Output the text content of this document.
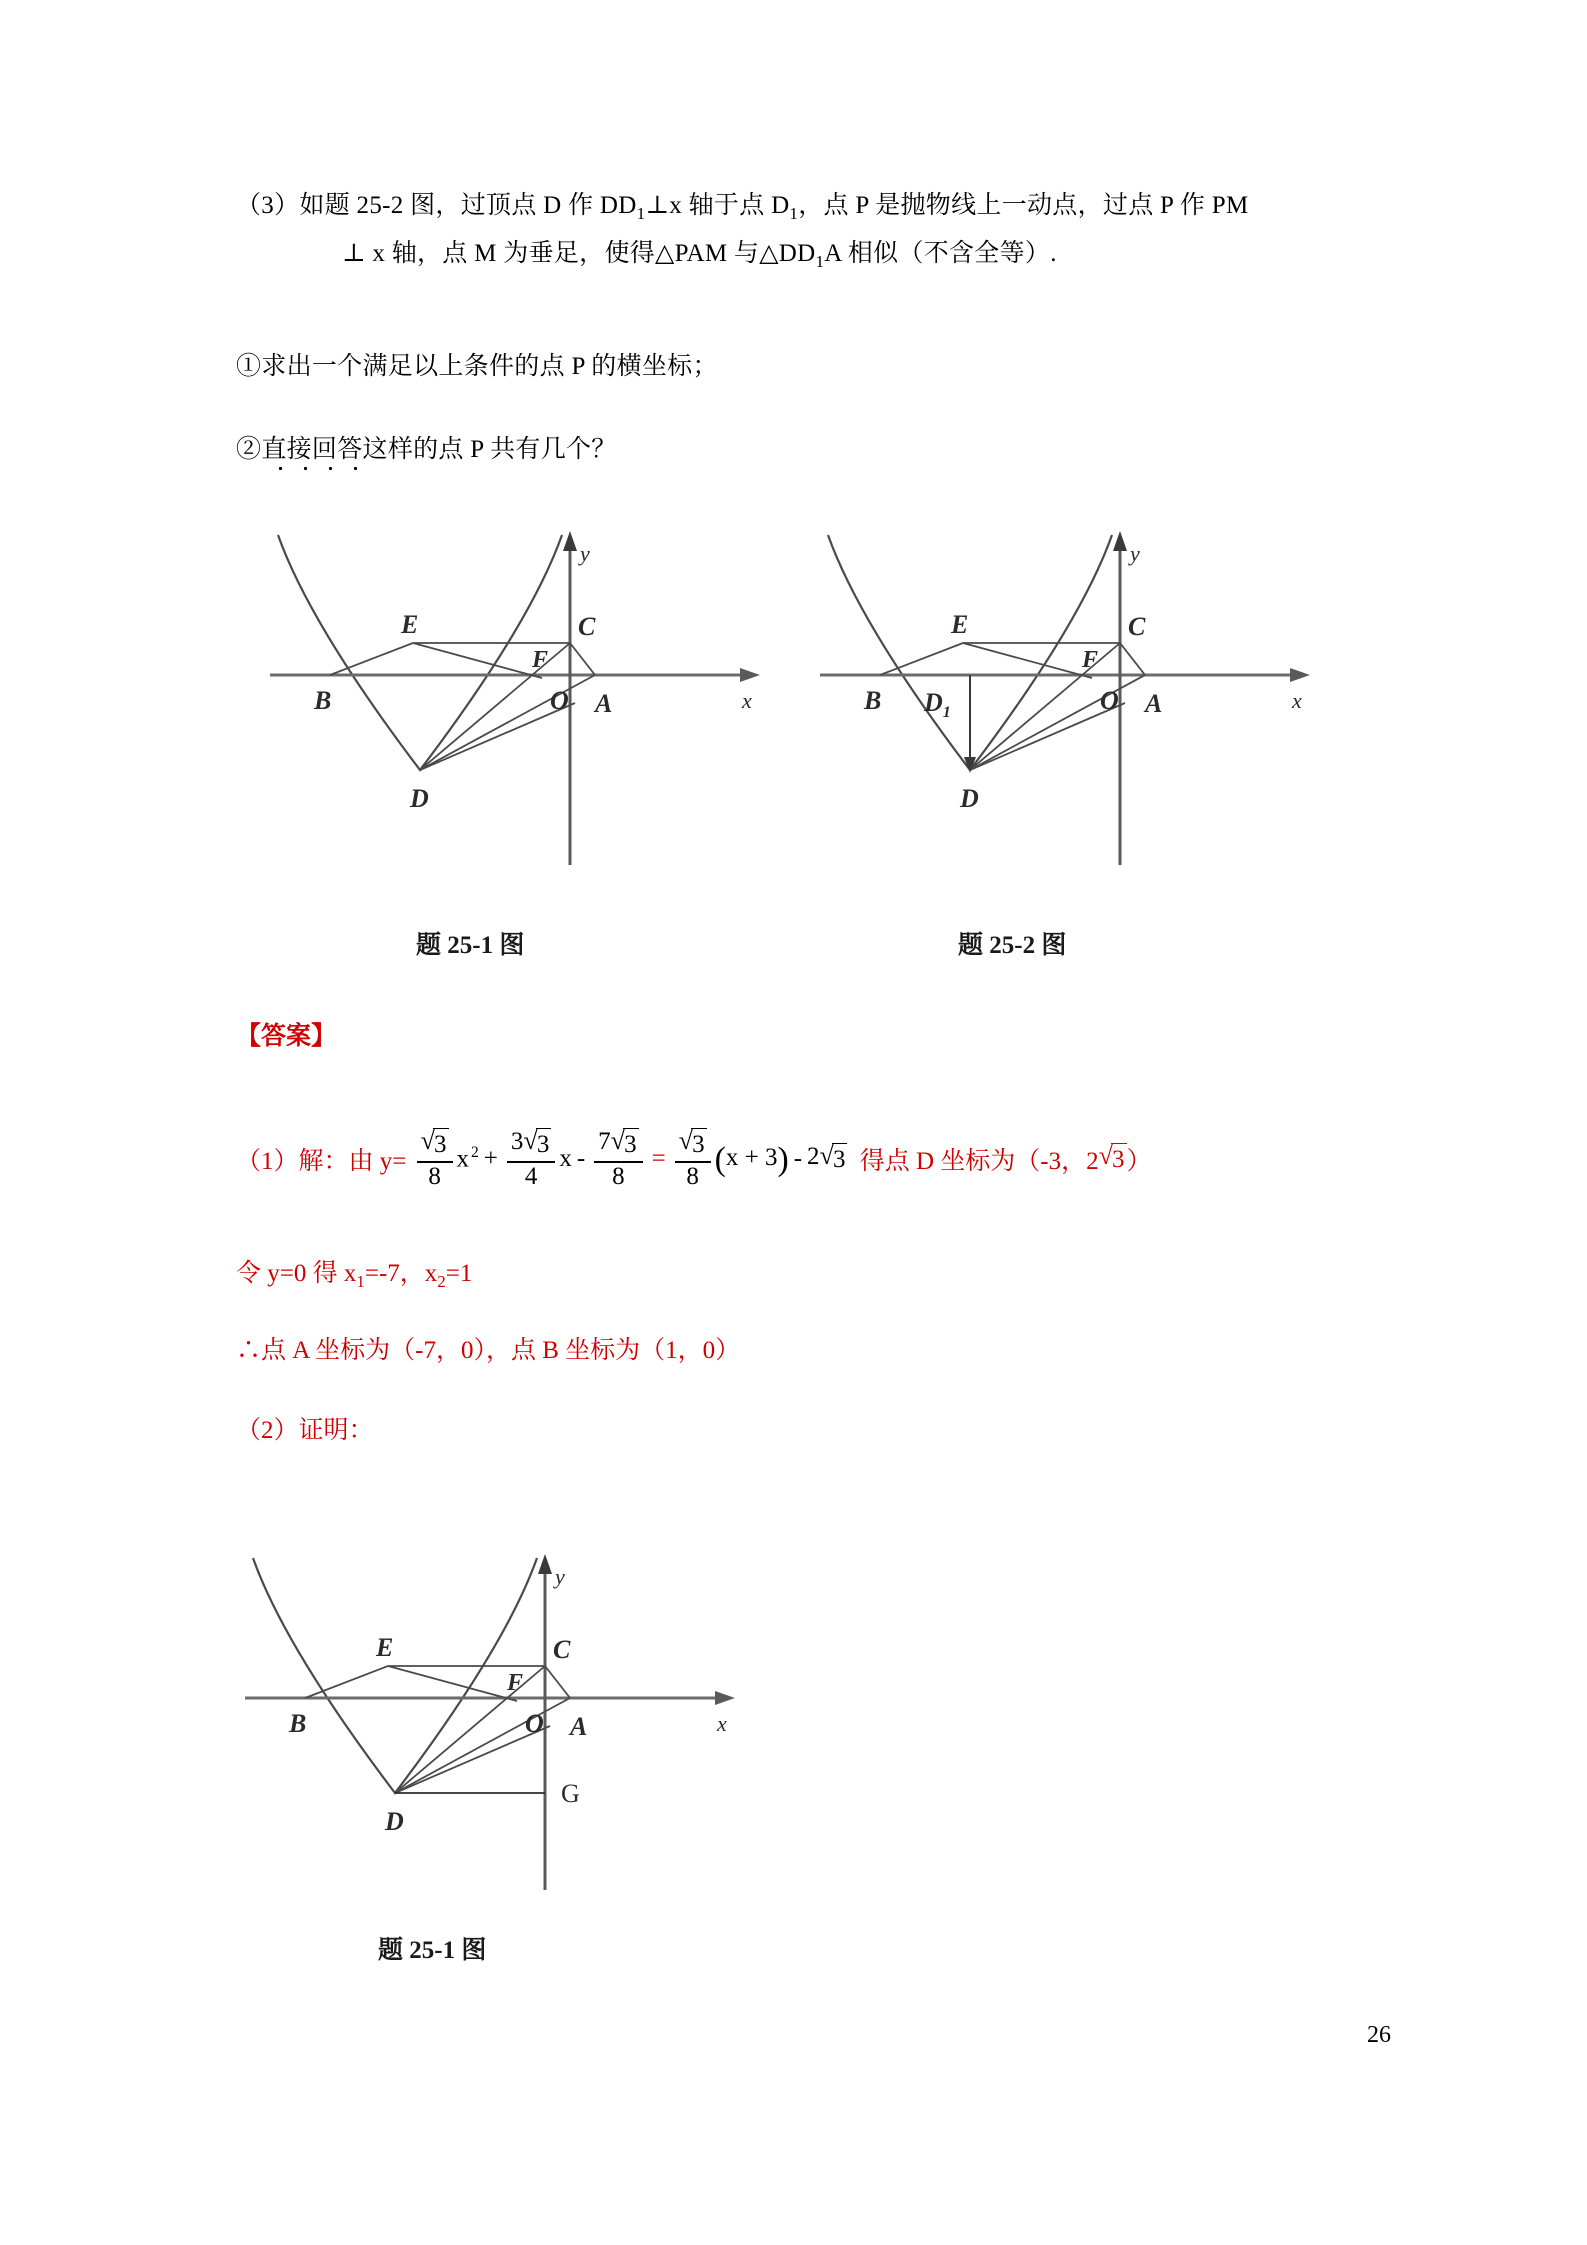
（3）如题 25-2 图，过顶点 D 作 $DD_1\perp x$ 轴于点 $D_1$，点 P 是抛物线上一动点，过点 P 作 PM
⊥ x 轴，点 M 为垂足，使得△PAM 与$\triangle DD_1A$ 相似（不含全等）.
①求出一个满足以上条件的点 P 的横坐标；
②直接回答这样的点 P 共有几个？
E	C
F
B	O A
D
x
y
E	C
F
B $D_1$	O A
D
x
y
题 25-1 图	题 25-2 图
【答案】
（1）解：由 $y= \frac{√ 3}{8}$ x $^2 + \frac{3 √ 3}{4}$ $x - \frac{7 √ 3}{8} = \frac{√ 3}{8} (x + 3) - 2$ √ 3
得点 D 坐标为（-3，2 √ 3 ）
令 y=0 得 $x_1=-7$，$x_2=1$
∴点 A 坐标为（-7，0），点 B 坐标为（1，0）
（2）证明：
E	C
F
B	O A
D
G
x
y
题 25-1 图
26
